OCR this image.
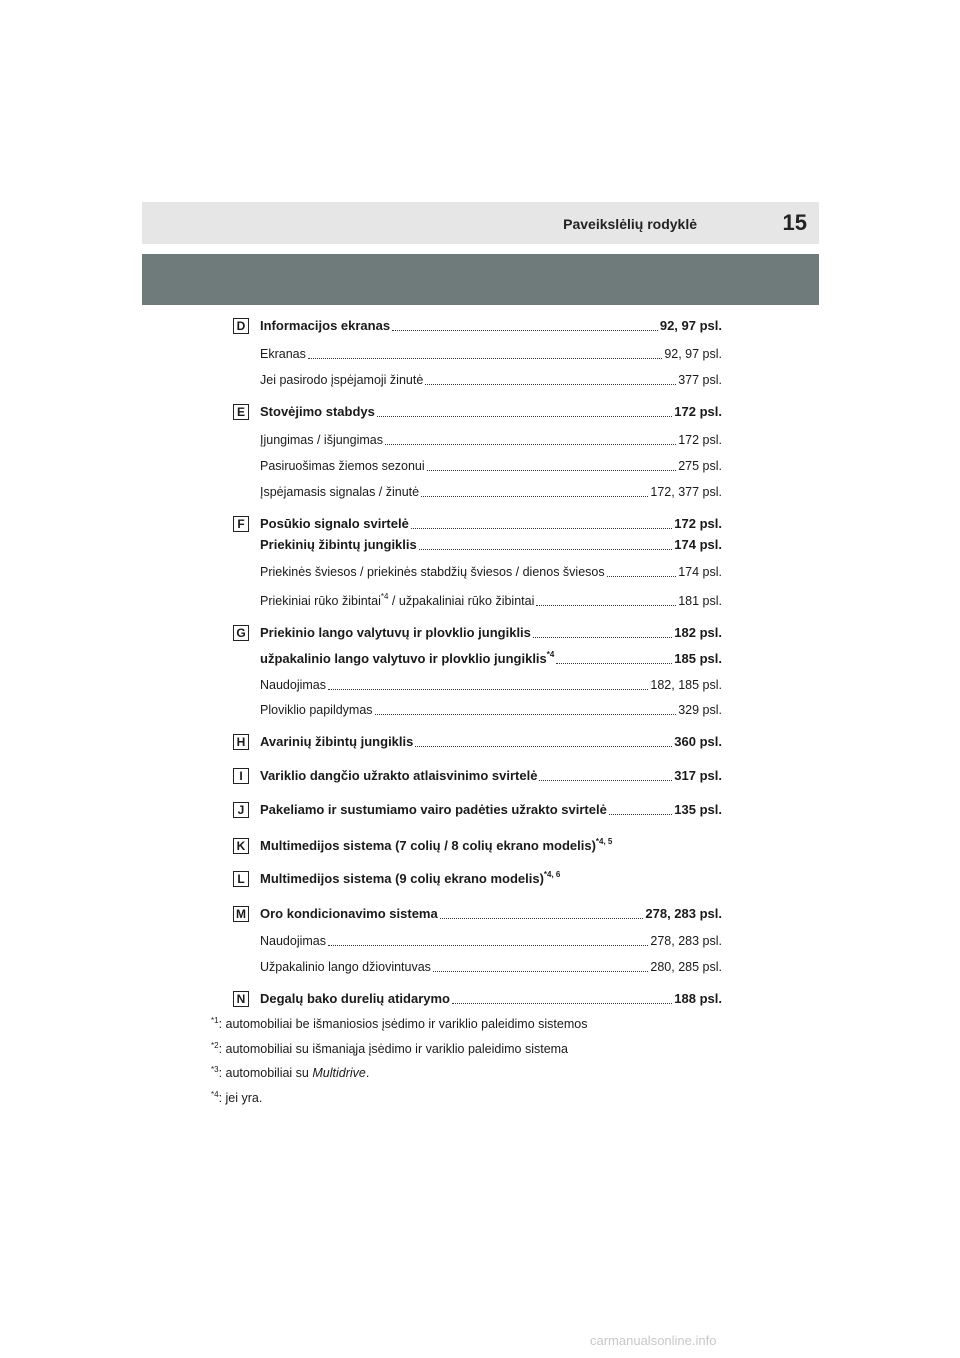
Paveikslėlių rodyklė	15
D Informacijos ekranas	92, 97 psl.
Ekranas	92, 97 psl.
Jei pasirodo įspėjamoji žinutė	377 psl.
E	Stovėjimo stabdys	172 psl.
Įjungimas / išjungimas	172 psl.
Pasiruošimas žiemos sezonui	275 psl.
Įspėjamasis signalas / žinutė	172, 377 psl.
F	Posūkio signalo svirtelė	172 psl.
Priekinių žibintų jungiklis	174 psl.
Priekinės šviesos / priekinės stabdžių šviesos / dienos šviesos	174 psl.
Priekiniai rūko žibintai$^{*4}$ / užpakaliniai rūko žibintai	181 psl.
G Priekinio lango valytuvų ir plovklio jungiklis	182 psl.
užpakalinio lango valytuvo ir plovklio jungiklis$^{*4}$	185 psl.
Naudojimas	182, 185 psl.
Ploviklio papildymas	329 psl.
H Avarinių žibintų jungiklis	360 psl.
I	Variklio dangčio užrakto atlaisvinimo svirtelė	317 psl.
J	Pakeliamo ir sustumiamo vairo padėties užrakto svirtelė	135 psl.
K Multimedijos sistema (7 colių / 8 colių ekrano modelis)$^{*4, 5}$
L	Multimedijos sistema (9 colių ekrano modelis)$^{*4, 6}$
M Oro kondicionavimo sistema	278, 283 psl.
Naudojimas	278, 283 psl.
Užpakalinio lango džiovintuvas	280, 285 psl.
N Degalų bako durelių atidarymo	188 psl.
$^{*1}$: automobiliai be išmaniosios įsėdimo ir variklio paleidimo sistemos
$^{*2}$: automobiliai su išmaniąja įsėdimo ir variklio paleidimo sistema
$^{*3}$: automobiliai su Multidrive.
$^{*4}$: jei yra.
carmanualsonline.info
